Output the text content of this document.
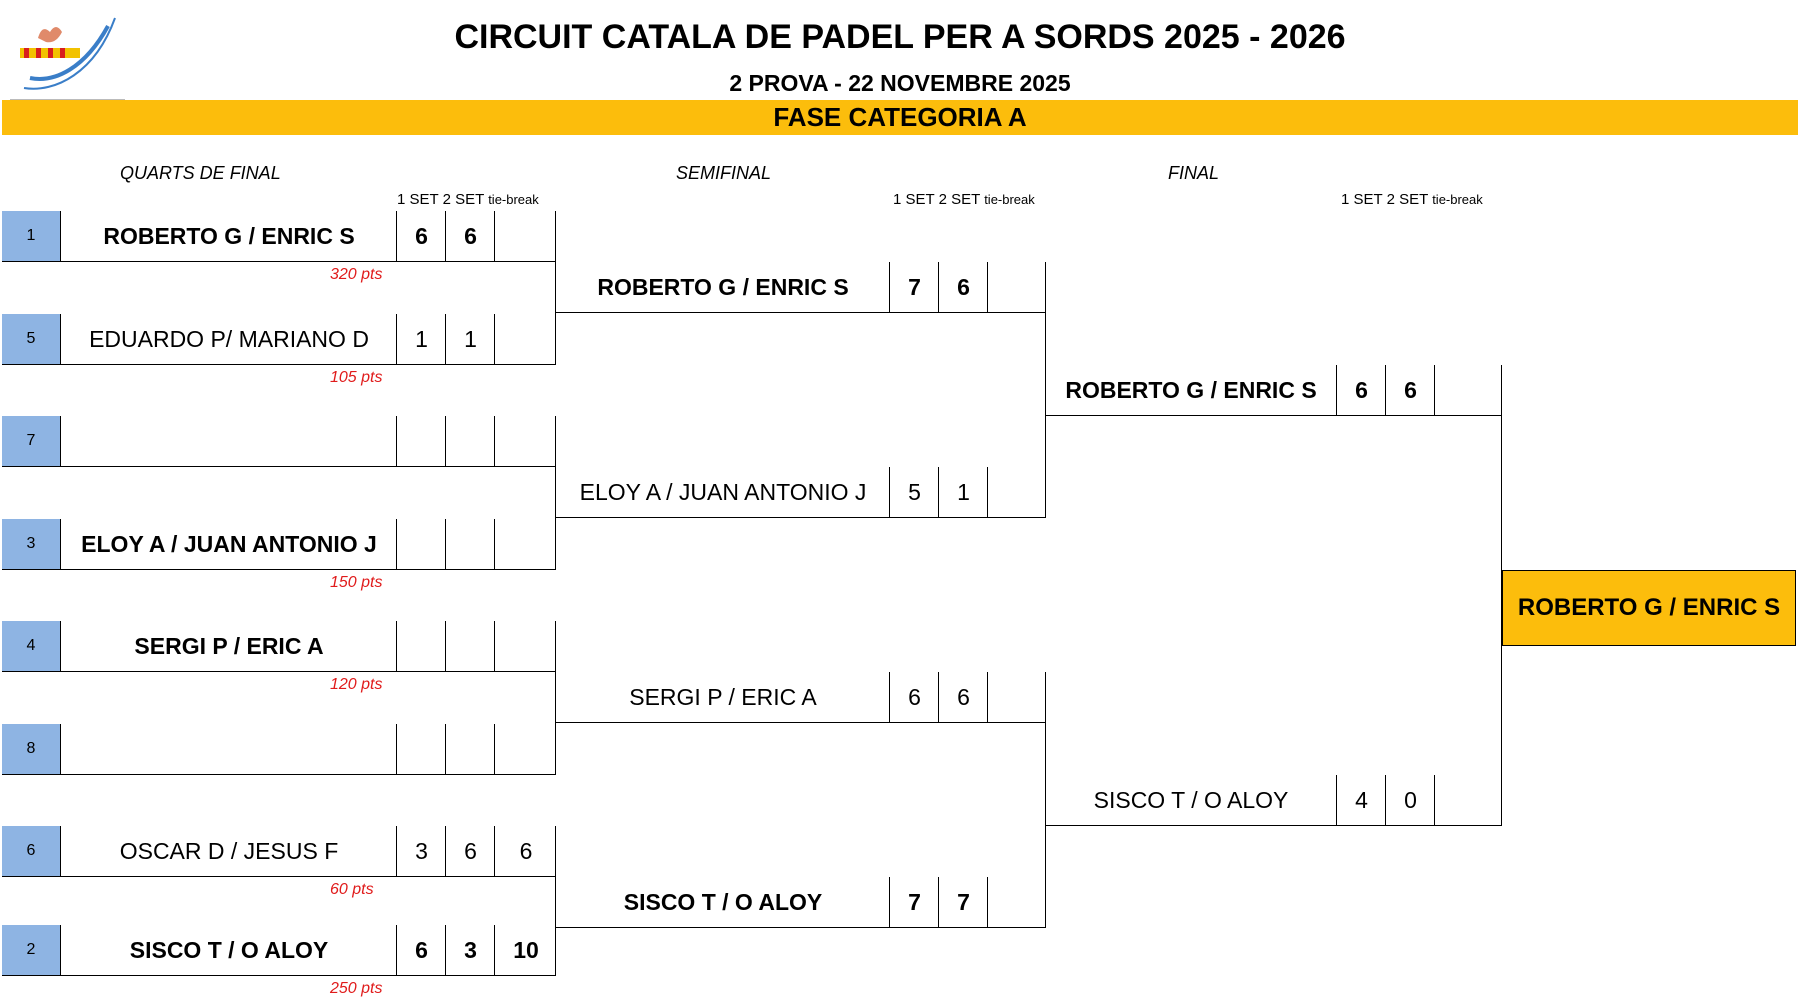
CIRCUIT CATALA DE PADEL PER A SORDS 2025 - 2026
2 PROVA - 22 NOVEMBRE 2025
FASE CATEGORIA A
QUARTS DE FINAL	SEMIFINAL	FINAL
1 SET 2 SET tie-break	1 SET 2 SET tie-break	1 SET 2 SET tie-break
1	ROBERTO G / ENRIC S	6	6
320 pts
5	EDUARDO P/ MARIANO D	1	1
105 pts
7
3	ELOY A / JUAN ANTONIO J
150 pts
4	SERGI P / ERIC A
120 pts
8
6	OSCAR D / JESUS F	3	6	6
60 pts
2	SISCO T / O ALOY	6	3	10
250 pts
ROBERTO G / ENRIC S	7	6
ELOY A / JUAN ANTONIO J	5	1
SERGI P / ERIC A	6	6
SISCO T / O ALOY	7	7
ROBERTO G / ENRIC S	6	6
SISCO T / O ALOY	4	0
ROBERTO G / ENRIC S
